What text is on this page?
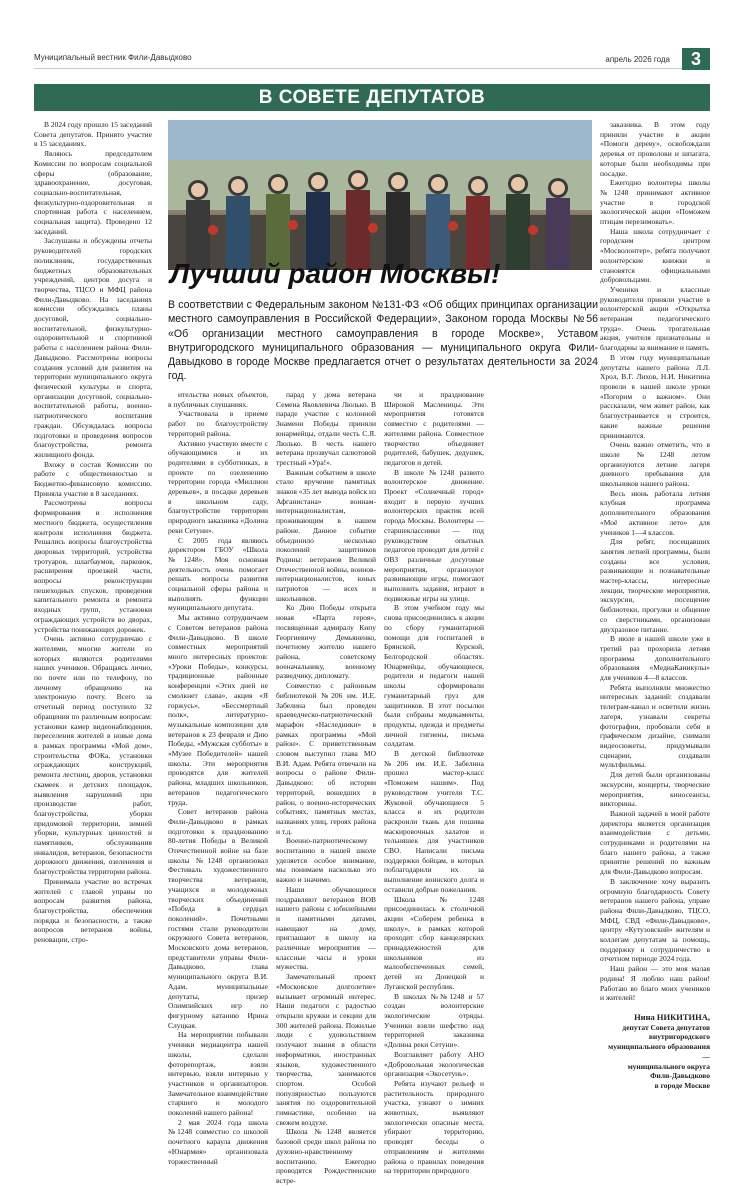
Муниципальный вестник Фили-Давыдково	апрель 2026 года	3
В СОВЕТЕ ДЕПУТАТОВ

В 2024 году прошло 15 заседаний Совета депутатов. Принято участие в 15 заседаниях.

Являюсь председателем Комиссии по вопросам социальной сферы (образование, здравоохранение, досуговая, социально-воспитательная, физкультурно-оздоровительная и спортивная работа с населением, социальная защита). Проведено 12 заседаний.

Заслушаны и обсуждены отчеты руководителей городских поликлиник, государственных бюджетных образовательных учреждений, центров досуга и творчества, ТЦСО и МФЦ района Фили-Давыдково. На заседаниях комиссии обсуждались планы досуговой, социально-воспитательной, физкультурно-оздоровительной и спортивной работы с населением района Фили-Давыдково. Рассмотрены вопросы создания условий для развития на территории муниципального округа физической культуры и спорта, организации досуговой, социально-воспитательной работы, военно-патриотического воспитания граждан. Обсуждалась вопросы подготовки и проведения вопросов благоустройства, ремонта жилищного фонда.

Вхожу в состав Комиссии по работе с общественностью и Бюджетно-финансовую комиссию. Приняла участие в 8 заседаниях.

Рассмотрены вопросы формирования и исполнения местного бюджета, осуществления контроля исполнения бюджета. Решались вопросы благоустройства дворовых территорий, устройства тротуаров, шлагбаумов, парковок, расширения проезжей части, вопросы реконструкции пешеходных спусков, проведения капитального ремонта и ремонта входных групп, установки ограждающих устройств во дворах, устройства понижающих дорожек.

Очень активно сотрудничаю с жителями, многие жители из которых являются родителями наших учеников. Обращаясь лично, по почте или по телефону, по личному обращению на электронную почту. Всего за отчетный период поступило 32 обращения по различным вопросам: установки камер видеонаблюдения, переселения жителей в новые дома в рамках программы «Мой дом», строительства ФОКа, установки ограждающих конструкций, ремонта лестниц, дворов, установки скамеек и детских площадок, выявления нарушений при производстве работ, благоустройства, уборки придомовой территории, зимней уборки, культурных ценностей и памятников, обслуживания инвалидов, ветеранов, безопасности дорожного движения, озеленения и благоустройства территории района.

Принимала участие во встречах жителей с главой управы по вопросам развития района, благоустройства, обеспечения порядка и безопасности, а также вопросов ветеранов войны, реновации, стро-

Лучший район Москвы!

В соответствии с Федеральным законом №131-ФЗ «Об общих принципах организации местного самоуправления в Российской Федерации», Законом города Москвы №56 «Об организации местного самоуправления в городе Москве», Уставом внутригородского муниципального образования — муниципального округа Фили-Давыдково в городе Москве предлагается отчет о результатах деятельности за 2024 год.

ительства новых объектов, в публичных слушаниях.

Участвовала в приеме работ по благоустройству территорий района.

Активно участвую вместе с обучающимися и их родителями в субботниках, в проекте по озеленению территории города «Миллион деревьев», в посадке деревьев в школьном саду, благоустройстве территории природного заказника «Долина реки Сетуни».

С 2005 года являюсь директором ГБОУ «Школа №1248». Моя основная деятельность очень помогает решать вопросы развития социальной сферы района и выполнять функции муниципального депутата.

Мы активно сотрудничаем с Советом ветеранов района Фили-Давыдково. В школе совместных мероприятий много интересных проектов: «Уроки Победы», конкурсы, традиционные районные конференции «Этих дней не смолкнет слава», акция «Я горжусь», «Бессмертный полк», литературно-музыкальные композиции для ветеранов к 23 февраля и Дню Победы, «Мужская субботы» в «Музее Победителей» нашей школы. Эти мероприятия проводятся для жителей района, младших школьников, ветеранов педагогического труда.

Совет ветеранов района Фили-Давыдково в рамках подготовки к празднованию 80-летия Победы в Великой Отечественной войне на базе школы №1248 организовал Фестиваль художественного творчества ветеранов, учащихся и молодежных творческих объединений «Победа в сердцах поколений». Почетными гостями стали руководители окружного Совета ветеранов, Московского дома ветеранов, представители управы Фили-Давыдково, глава муниципального округа В.И. Адам, муниципальные депутаты, призер Олимпийских игр по фигурному катанию Ирина Слуцкая.

На мероприятии побывали ученики медиацентра нашей школы, сделали фоторепортаж, взяли интервью, взяли интервью у участников и организаторов. Замечательное взаимодействие старшего и молодого поколений нашего района!

2 мая 2024 года школа №1248 совместно со школой почетного караула движения «Юнармия» организовала торжественный

парад у дома ветерана Семена Яковлевича Люлько. В параде участие с колонной Знамени Победы приняли юнармейцы, отдали честь С.Я. Люлько. В честь нашего ветерана прозвучал салютовой трестный «Ура!».

Важным событием в школе стало вручение памятных знаков «35 лет вывода войск из Афганистана» воинам-интернационалистам, проживающим в нашем районе. Данное событие объединило несколько поколений защитников Родины: ветеранов Великой Отечественной войны, воинов-интернационалистов, юных патриотов — всех и школьников.

Ко Дню Победы открыта новая «Парта героя», посвященная адмиралу Кипу Георгиевичу Демьяненко, почетному жителю нашего района, советскому военачальнику, военному разведчику, дипломату.

Совместно с районным библиотекой №206 им. И.Е. Забелина был проведен краеведческо-патриотический марафон «Наследники» в рамках программы «Мой район». С приветственным словом выступил глава МО В.И. Адам. Ребята отвечали на вопросы о районе Фили-Давыдково: об истории территорий, вошедших в район, о военно-исторических событиях, памятных местах, названиях улиц, героях района и т.д.

Военно-патриотическому воспитанию в нашей школе уделяется особое внимание, мы понимаем насколько это важно и значимо.

Наши обучающиеся поздравляют ветеранов ВОВ нашего района с юбилейными и памятными датами, навещают на дому, приглашают в школу на различные мероприятия — классные часы и уроки мужества.

Замечательный проект «Московское долголетие» вызывает огромный интерес. Наши педагоги с радостью открыли кружки и секции для 300 жителей района. Пожилые люди с удовольствием получают знания в области информатики, иностранных языков, художественного творчества, занимаются спортом. Особой популярностью пользуются занятия по оздоровительной гимнастике, особенно на свежем воздухе.

Школа №1248 является базовой среди школ района по духовно-нравственному воспитанию. Ежегодно проводятся Рождественские встре-

чи и празднование Широкой Масленицы. Эти мероприятия готовятся совместно с родителями — жителями района. Совместное творчество объединяет родителей, бабушек, дедушек, педагогов и детей.

В школе №1248 развито волонтерское движение. Проект «Солнечный город» входит в первую лучших волонтерских практик всей города Москвы. Волонтеры — старшеклассники — под руководством опытных педагогов проводят для детей с ОВЗ различные досуговые мероприятия, организуют развивающие игры, помогают выполнить задания, играют в подвижные игры на улице.

В этом учебном году мы снова присоединились к акции по сбору гуманитарной помощи для госпиталей в Брянской, Курской, Белгородской областях. Юнармейцы, обучающиеся, родители и педагоги нашей школы сформировали гуманитарный груз для защитников. В этот посылки были собраны медикаменты, продукты, одежда и предметы личной гигиены, письма солдатам.

В детской библиотеке №206 им. И.Е. Забелина прошел мастер-класс «Поможем нашим». Под руководством учителя Т.С. Жуковой обучающиеся 5 класса и их родители раскроили ткань для пошива маскировочных халатов и тельняшек для участников СВО. Написали письма поддержки бойцам, в которых поблагодарили их за выполнение воинского долга и оставили добрые пожелания.

Школа №1248 присоединилась к столичной акции «Соберем ребенка в школу», в рамках которой проходит сбор канцелярских принадлежностей для школьников из малообеспеченных семей, детей из Донецкой и Луганской республик.

В школах №№1248 и 57 создан волонтерские экологические отряды. Ученики взяли шефство над территорией заказника «Долина реки Сетуни».

Возглавляет работу АНО «Добровольная экологическая организация «Экосетунь».

Ребята изучают рельеф и растительность природного участка, узнают о зимних животных, выявляют экологически опасные места, убирают территорию, проводят беседы о отправлениям и жителями района о правилах поведения на территории природного

заказника. В этом году приняли участие в акции «Помоги дереву», освобождали деревья от проволоки и шпагата, которые были необходимы при посадке.

Ежегодно волонтеры школы №1248 принимают активное участие в городской экологической акции «Поможем птицам перезимовать».

Наша школа сотрудничает с городским центром «Мосволонтер», ребята получают волонтерские книжки и становятся официальными добровольцами.

Ученики и классные руководители приняли участие в волонтерской акции «Открытка ветеранам педагогического труда». Очень трогательная акция, учителя признательны и благодарны за внимание и память.

В этом году муниципальные депутаты нашего района Л.Л. Хрол, В.Г. Лихов, Н.И. Никитина провели в нашей школе уроки «Погорим о важном». Они рассказали, чем живет район, как благоустраивается и строится, какие важные решения принимаются.

Очень важно отметить, что в школе №1248 летом организуются летние лагеря дневного пребывания для школьников нашего района.

Весь июнь работала летняя клубная программа дополнительного образования «Моё активное лето» для учеников 1—4 классов.

Для ребят, посещавших занятия летней программы, были созданы все условия, развивающие и познавательные мастер-классы, интересные лекции, творческие мероприятия, экскурсии, посещение библиотеки, прогулки и общение со сверстниками, организован двухразовое питание.

В июле в нашей школе уже в третий раз прохорила летняя программа дополнительного образования «МедиаКаникулы» для учеников 4—8 классов.

Ребята выполняли множество интересных заданий: создавали телеграм-канал и осветили жизнь лагеря, узнавали секреты фотографии, пробовали себя в графическом дизайне, снимали видеосюжеты, придумывали сценарии, создавали мультфильмы.

Для детей были организованы экскурсии, концерты, творческие мероприятия, киносеансы, викторины.

Важной задачей в моей работе директора является организация взаимодействия с детьми, сотрудниками и родителями на благо нашего района, а также принятие решений по важным для Фили-Давыдково вопросам.

В заключение хочу выразить огромную благодарность Совету ветеранов нашего района, управе района Фили-Давыдково, ТЦСО, МФЦ, СВД «Фили-Давыдково», центру «Кутузовский» жителям и коллегам депутатам за помощь, поддержку и сотрудничество в отчетном периоде 2024 года.

Наш район — это моя малая родина! Я люблю наш район! Работаю во благо моих учеников и жителей!

Нина НИКИТИНА,
депутат Совета депутатов
внутригородского
муниципального образования —
муниципального округа
Фили-Давыдково
в городе Москве
